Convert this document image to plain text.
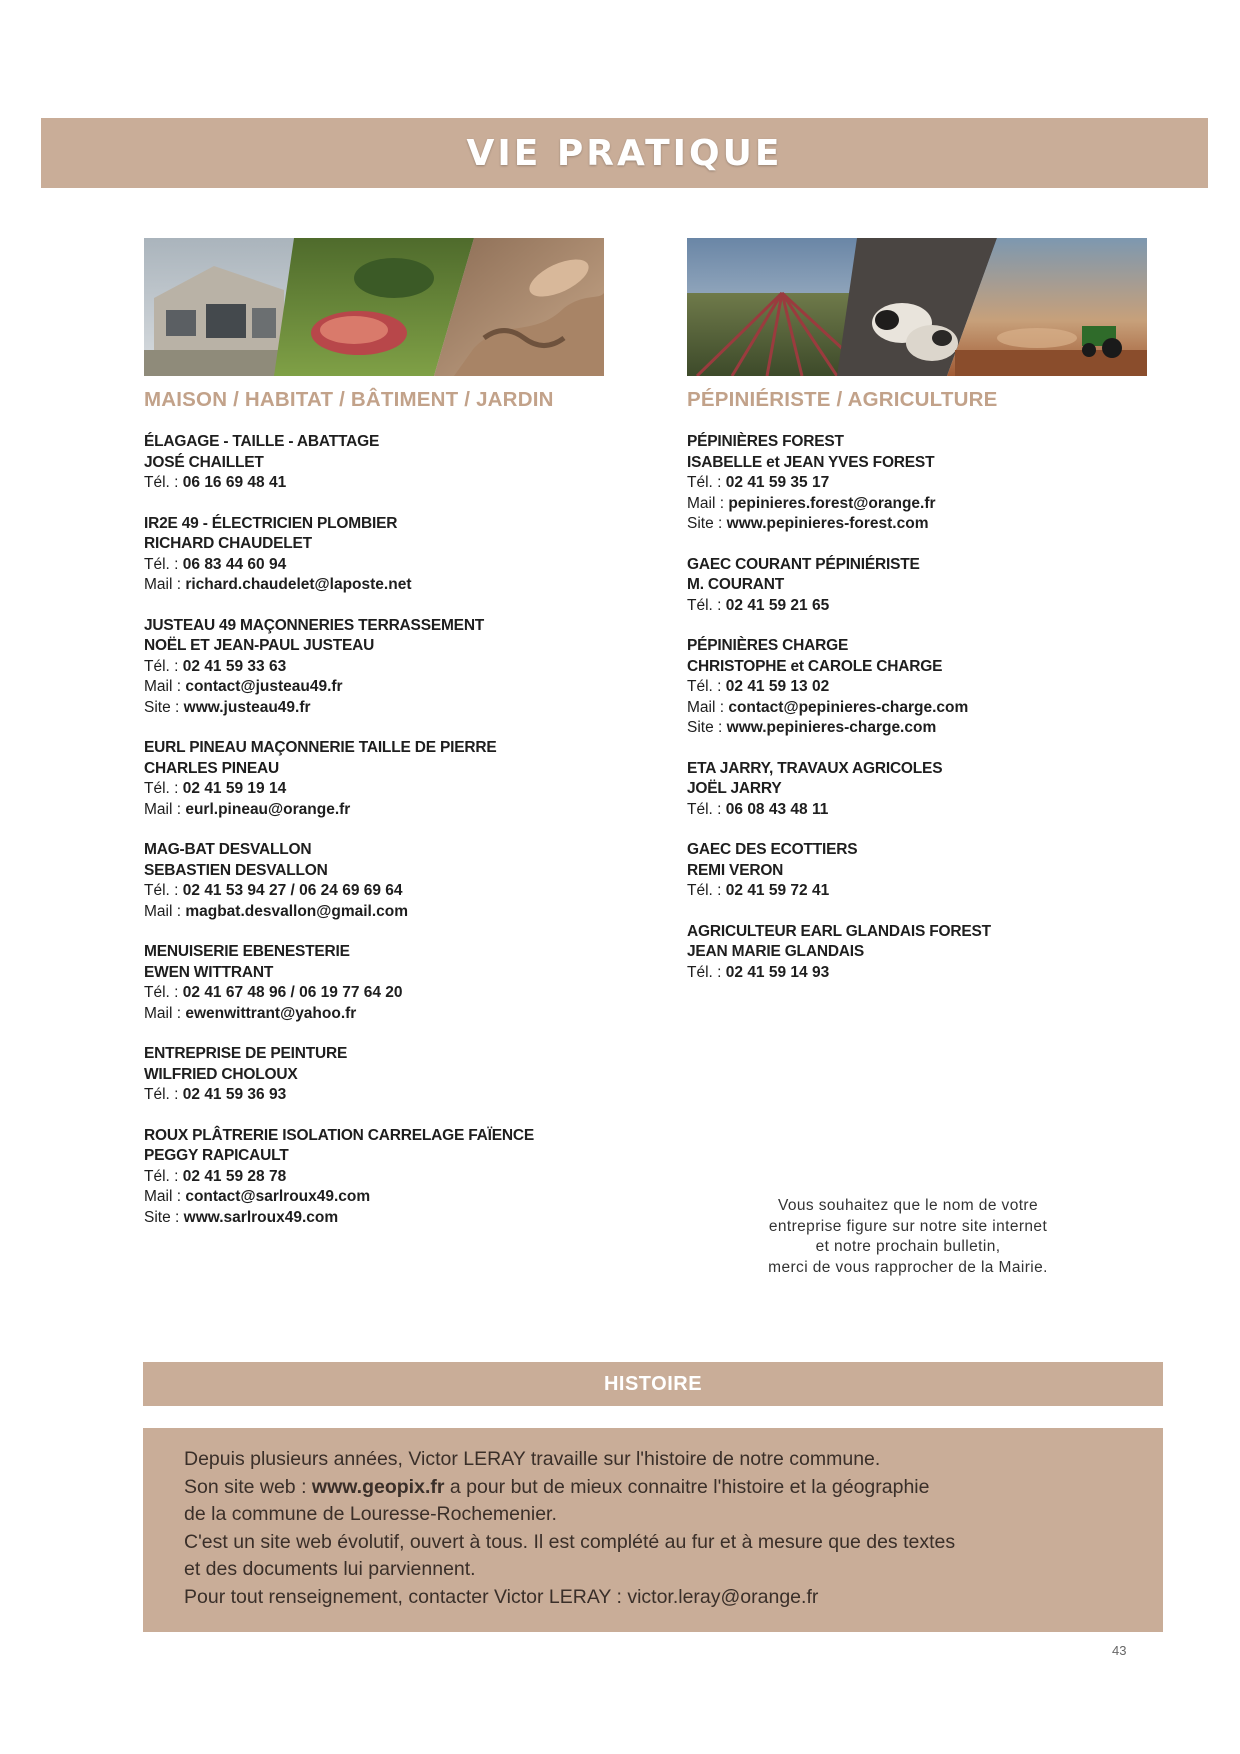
VIE PRATIQUE
MAISON / HABITAT / BÂTIMENT / JARDIN
ÉLAGAGE - TAILLE - ABATTAGE
JOSÉ CHAILLET
Tél. : 06 16 69 48 41
IR2E 49 - ÉLECTRICIEN PLOMBIER
RICHARD CHAUDELET
Tél. : 06 83 44 60 94
Mail : richard.chaudelet@laposte.net
JUSTEAU 49 MAÇONNERIES TERRASSEMENT
NOËL ET JEAN-PAUL JUSTEAU
Tél. : 02 41 59 33 63
Mail : contact@justeau49.fr
Site : www.justeau49.fr
EURL PINEAU MAÇONNERIE TAILLE DE PIERRE
CHARLES PINEAU
Tél. : 02 41 59 19 14
Mail : eurl.pineau@orange.fr
MAG-BAT DESVALLON
SEBASTIEN DESVALLON
Tél. : 02 41 53 94 27 / 06 24 69 69 64
Mail : magbat.desvallon@gmail.com
MENUISERIE EBENESTERIE
EWEN WITTRANT
Tél. : 02 41 67 48 96 / 06 19 77 64 20
Mail : ewenwittrant@yahoo.fr
ENTREPRISE DE PEINTURE
WILFRIED CHOLOUX
Tél. : 02 41 59 36 93
ROUX PLÂTRERIE ISOLATION CARRELAGE FAÏENCE
PEGGY RAPICAULT
Tél. : 02 41 59 28 78
Mail : contact@sarlroux49.com
Site : www.sarlroux49.com
PÉPINIÉRISTE / AGRICULTURE
PÉPINIÈRES FOREST
ISABELLE et JEAN YVES FOREST
Tél. : 02 41 59 35 17
Mail : pepinieres.forest@orange.fr
Site : www.pepinieres-forest.com
GAEC COURANT PÉPINIÉRISTE
M. COURANT
Tél. : 02 41 59 21 65
PÉPINIÈRES CHARGE
CHRISTOPHE et CAROLE CHARGE
Tél. : 02 41 59 13 02
Mail : contact@pepinieres-charge.com
Site : www.pepinieres-charge.com
ETA JARRY, TRAVAUX AGRICOLES
JOËL JARRY
Tél. : 06 08 43 48 11
GAEC DES ECOTTIERS
REMI VERON
Tél. : 02 41 59 72 41
AGRICULTEUR EARL GLANDAIS FOREST
JEAN MARIE GLANDAIS
Tél. : 02 41 59 14 93
Vous souhaitez que le nom de votre
entreprise figure sur notre site internet
et notre prochain bulletin,
merci de vous rapprocher de la Mairie.
HISTOIRE
Depuis plusieurs années, Victor LERAY travaille sur l'histoire de notre commune.
Son site web : www.geopix.fr a pour but de mieux connaitre l'histoire et la géographie
de la commune de Louresse-Rochemenier.
C'est un site web évolutif, ouvert à tous. Il est complété au fur et à mesure que des textes
et des documents lui parviennent.
Pour tout renseignement, contacter Victor LERAY : victor.leray@orange.fr
43
